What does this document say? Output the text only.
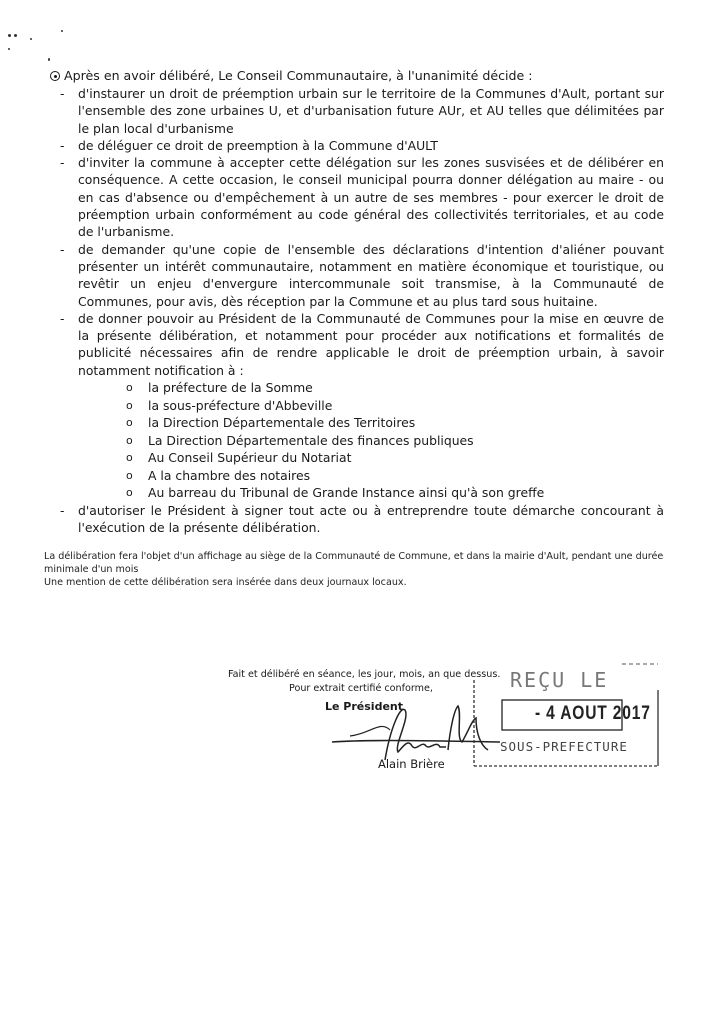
Après en avoir délibéré, Le Conseil Communautaire, à l'unanimité décide :
- d'instaurer un droit de préemption urbain sur le territoire de la Communes d'Ault, portant sur l'ensemble des zone urbaines U, et d'urbanisation future AUr, et AU telles que délimitées par le plan local d'urbanisme
- de déléguer ce droit de preemption à la Commune d'AULT
- d'inviter la commune à accepter cette délégation sur les zones susvisées et de délibérer en conséquence. A cette occasion, le conseil municipal pourra donner délégation au maire - ou en cas d'absence ou d'empêchement à un autre de ses membres - pour exercer le droit de préemption urbain conformément au code général des collectivités territoriales, et au code de l'urbanisme.
- de demander qu'une copie de l'ensemble des déclarations d'intention d'aliéner pouvant présenter un intérêt communautaire, notamment en matière économique et touristique, ou revêtir un enjeu d'envergure intercommunale soit transmise, à la Communauté de Communes, pour avis, dès réception par la Commune et au plus tard sous huitaine.
- de donner pouvoir au Président de la Communauté de Communes pour la mise en œuvre de la présente délibération, et notamment pour procéder aux notifications et formalités de publicité nécessaires afin de rendre applicable le droit de préemption urbain, à savoir notamment notification à :
o la préfecture de la Somme
o la sous-préfecture d'Abbeville
o la Direction Départementale des Territoires
o La Direction Départementale des finances publiques
o Au Conseil Supérieur du Notariat
o A la chambre des notaires
o Au barreau du Tribunal de Grande Instance ainsi qu'à son greffe
- d'autoriser le Président à signer tout acte ou à entreprendre toute démarche concourant à l'exécution de la présente délibération.

La délibération fera l'objet d'un affichage au siège de la Communauté de Commune, et dans la mairie d'Ault, pendant une durée minimale d'un mois

Une mention de cette délibération sera insérée dans deux journaux locaux.

Fait et délibéré en séance, les jour, mois, an que dessus.
Pour extrait certifié conforme,
Le Président
Alain Brière
REÇU LE
- 4 AOUT 2017
SOUS-PREFECTURE
